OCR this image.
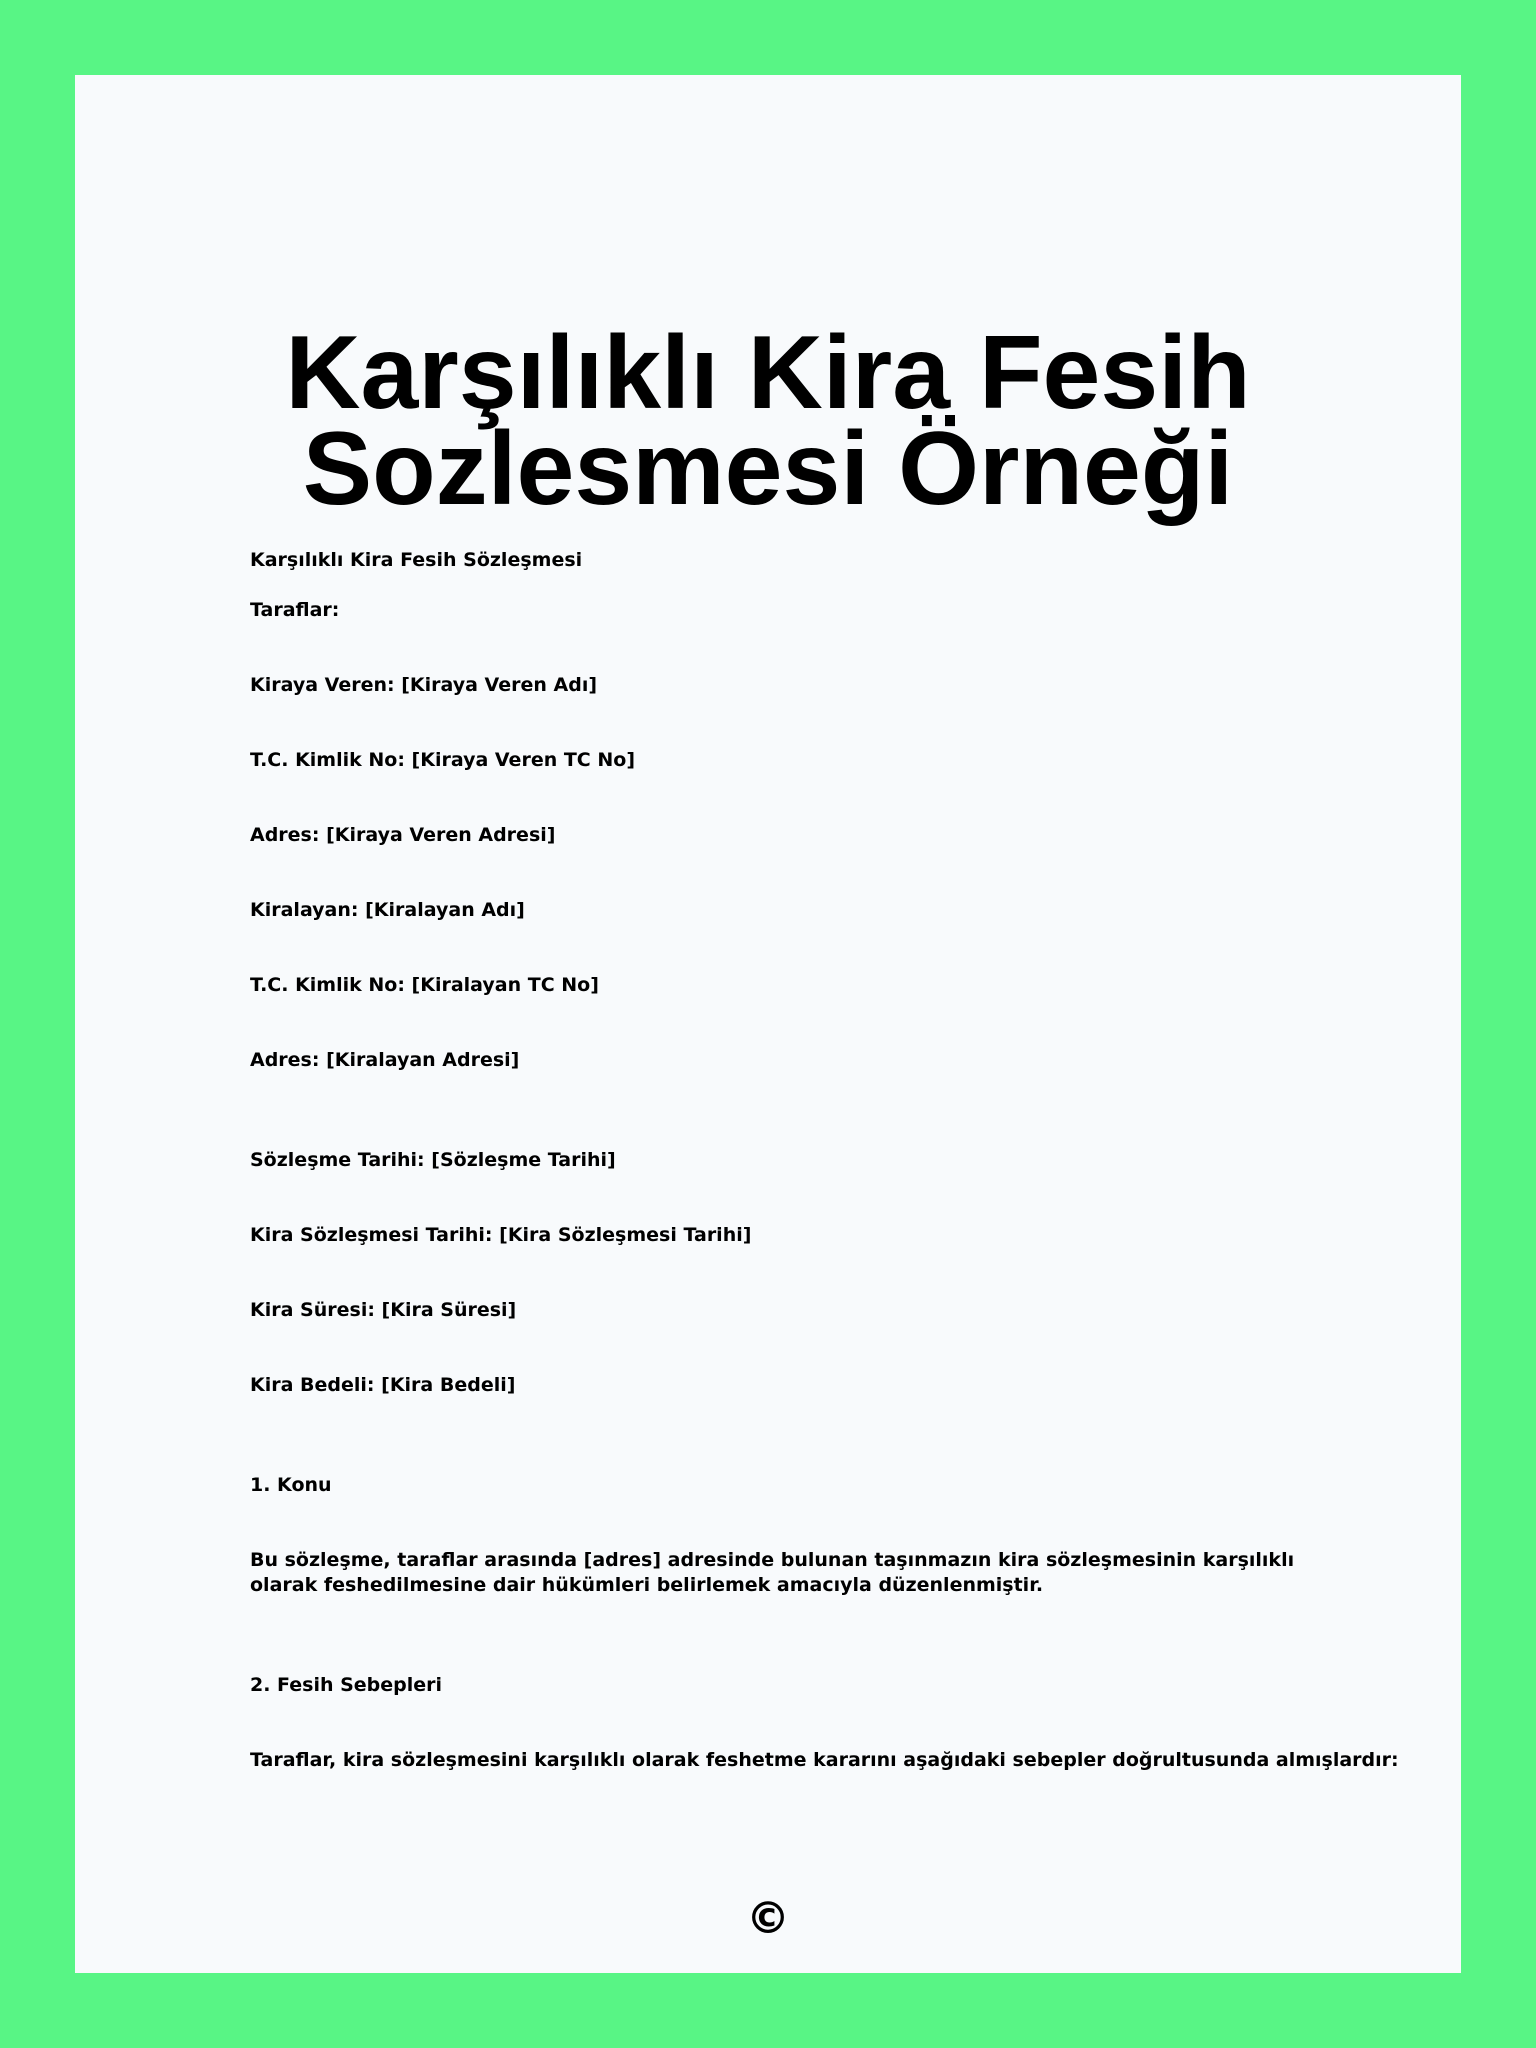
Karşılıklı Kira Fesih
Sozlesmesi Örneği

Karşılıklı Kira Fesih Sözleşmesi

Taraflar:

Kiraya Veren: [Kiraya Veren Adı]

T.C. Kimlik No: [Kiraya Veren TC No]

Adres: [Kiraya Veren Adresi]

Kiralayan: [Kiralayan Adı]

T.C. Kimlik No: [Kiralayan TC No]

Adres: [Kiralayan Adresi]

Sözleşme Tarihi: [Sözleşme Tarihi]

Kira Sözleşmesi Tarihi: [Kira Sözleşmesi Tarihi]

Kira Süresi: [Kira Süresi]

Kira Bedeli: [Kira Bedeli]

1. Konu

Bu sözleşme, taraflar arasında [adres] adresinde bulunan taşınmazın kira sözleşmesinin karşılıklı olarak feshedilmesine dair hükümleri belirlemek amacıyla düzenlenmiştir.

2. Fesih Sebepleri

Taraflar, kira sözleşmesini karşılıklı olarak feshetme kararını aşağıdaki sebepler doğrultusunda almışlardır:

©
